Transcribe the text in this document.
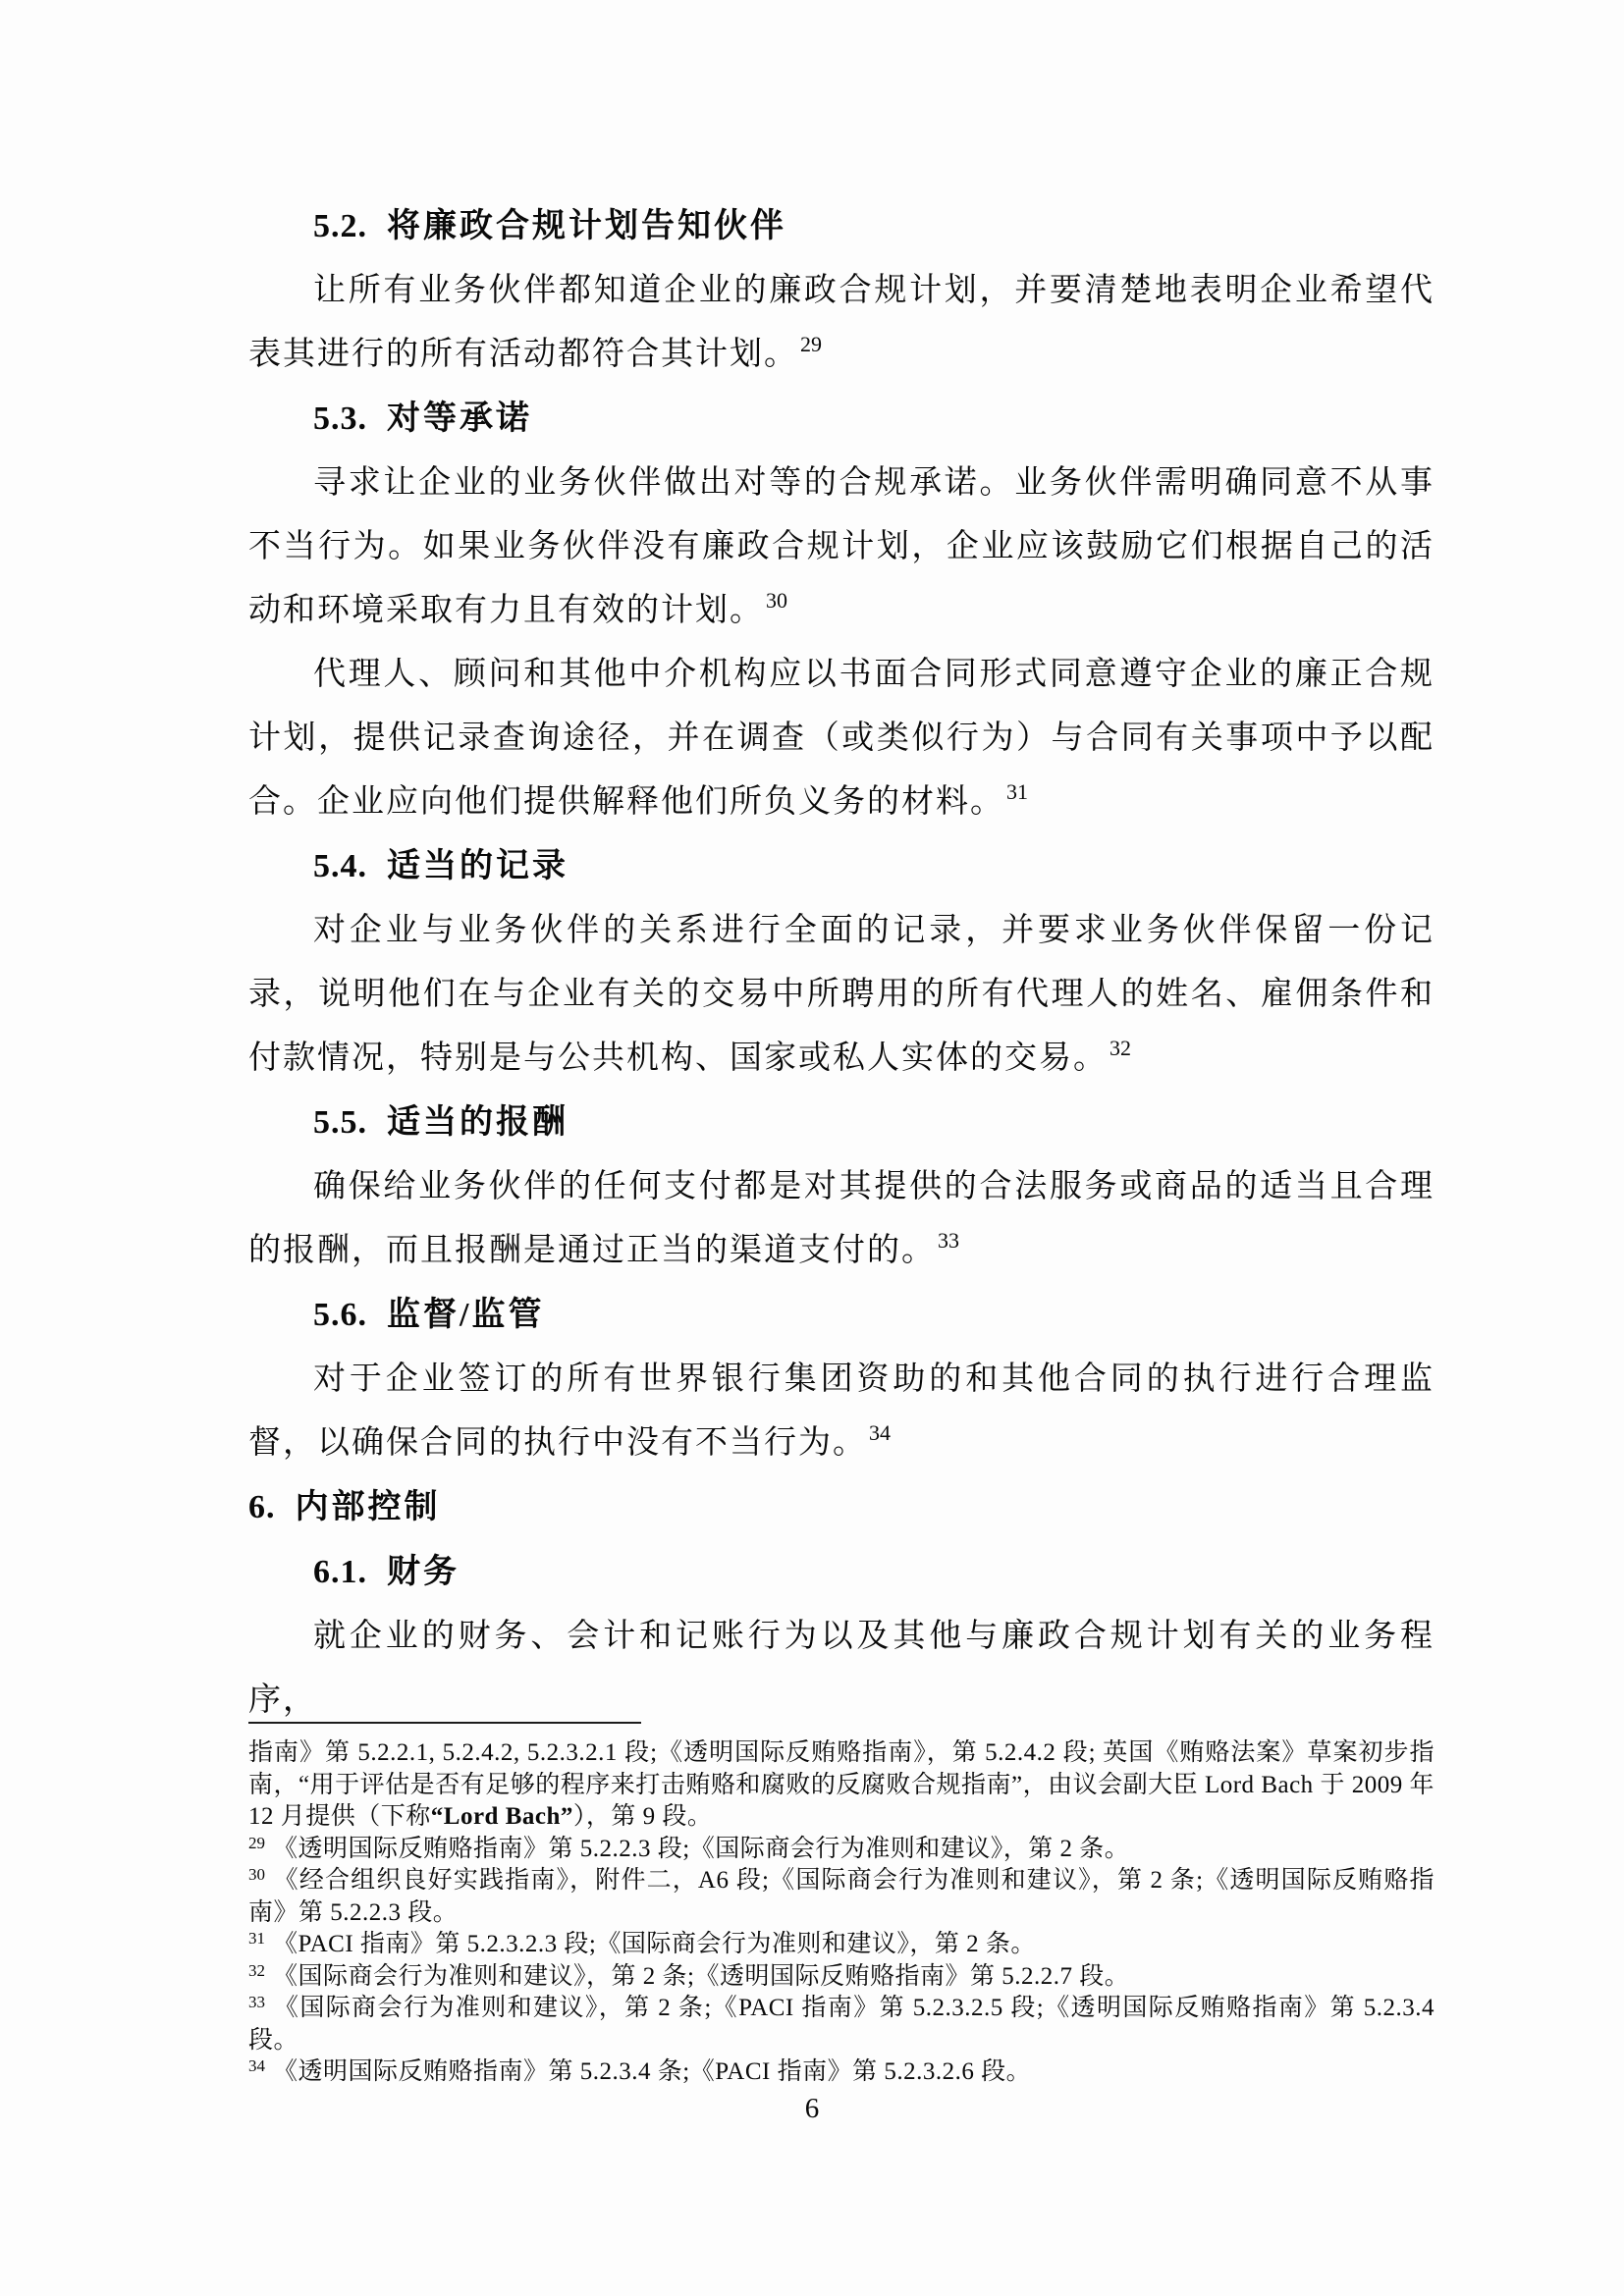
5.2. 将廉政合规计划告知伙伴

让所有业务伙伴都知道企业的廉政合规计划，并要清楚地表明企业希望代表其进行的所有活动都符合其计划。$^{29}$

5.3. 对等承诺

寻求让企业的业务伙伴做出对等的合规承诺。业务伙伴需明确同意不从事不当行为。如果业务伙伴没有廉政合规计划，企业应该鼓励它们根据自己的活动和环境采取有力且有效的计划。$^{30}$

代理人、顾问和其他中介机构应以书面合同形式同意遵守企业的廉正合规计划，提供记录查询途径，并在调查（或类似行为）与合同有关事项中予以配合。企业应向他们提供解释他们所负义务的材料。$^{31}$

5.4. 适当的记录

对企业与业务伙伴的关系进行全面的记录，并要求业务伙伴保留一份记录，说明他们在与企业有关的交易中所聘用的所有代理人的姓名、雇佣条件和付款情况，特别是与公共机构、国家或私人实体的交易。$^{32}$

5.5. 适当的报酬

确保给业务伙伴的任何支付都是对其提供的合法服务或商品的适当且合理的报酬，而且报酬是通过正当的渠道支付的。$^{33}$

5.6. 监督/监管

对于企业签订的所有世界银行集团资助的和其他合同的执行进行合理监督，以确保合同的执行中没有不当行为。$^{34}$

6. 内部控制
6.1. 财务

就企业的财务、会计和记账行为以及其他与廉政合规计划有关的业务程序，

指南》第 5.2.2.1, 5.2.4.2, 5.2.3.2.1 段;《透明国际反贿赂指南》，第 5.2.4.2 段; 英国《贿赂法案》草案初步指南，“用于评估是否有足够的程序来打击贿赂和腐败的反腐败合规指南”，由议会副大臣 Lord Bach 于 2009 年 12 月提供（下称“Lord Bach”），第 9 段。

$^{29}$ 《透明国际反贿赂指南》第 5.2.2.3 段;《国际商会行为准则和建议》，第 2 条。

$^{30}$ 《经合组织良好实践指南》，附件二，A6 段;《国际商会行为准则和建议》，第 2 条;《透明国际反贿赂指南》第 5.2.2.3 段。

$^{31}$ 《PACI 指南》第 5.2.3.2.3 段;《国际商会行为准则和建议》，第 2 条。

$^{32}$ 《国际商会行为准则和建议》，第 2 条;《透明国际反贿赂指南》第 5.2.2.7 段。

$^{33}$ 《国际商会行为准则和建议》，第 2 条;《PACI 指南》第 5.2.3.2.5 段;《透明国际反贿赂指南》第 5.2.3.4 段。

$^{34}$ 《透明国际反贿赂指南》第 5.2.3.4 条;《PACI 指南》第 5.2.3.2.6 段。

6
